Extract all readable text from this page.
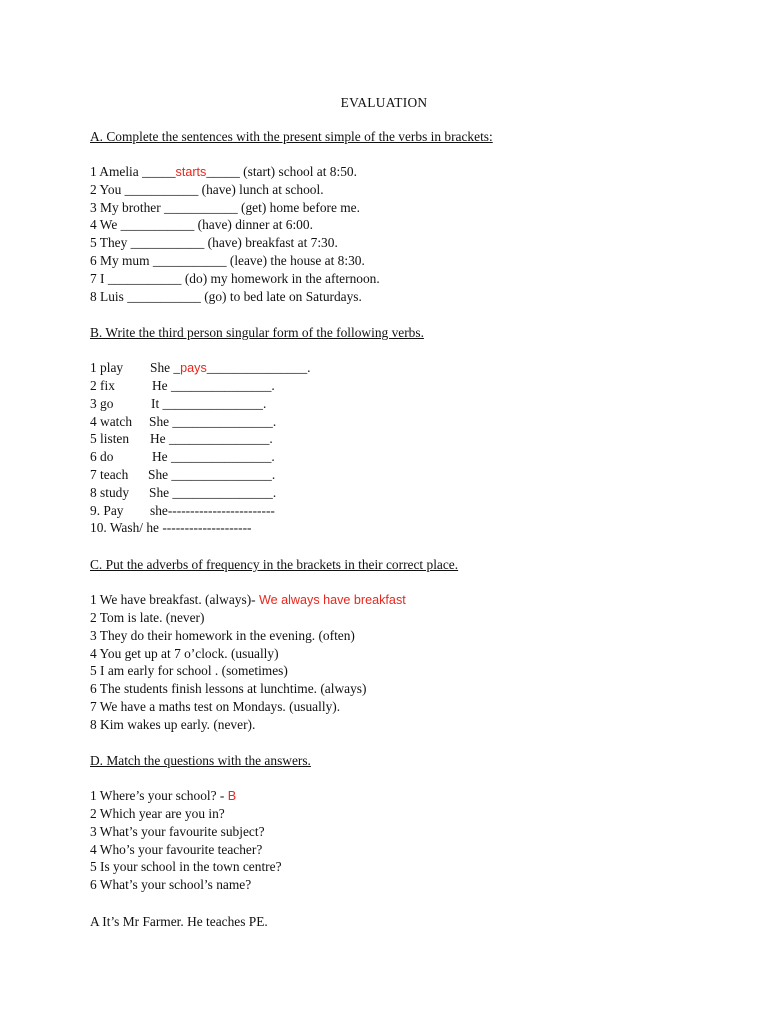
EVALUATION
A. Complete the sentences with the present simple of the verbs in brackets:
1 Amelia _____starts_____ (start) school at 8:50.
2 You ___________ (have) lunch at school.
3 My brother ___________ (get) home before me.
4 We ___________ (have) dinner at 6:00.
5 They ___________ (have) breakfast at 7:30.
6 My mum ___________ (leave) the house at 8:30.
7 I ___________ (do) my homework in the afternoon.
8 Luis ___________ (go) to bed late on Saturdays.
B. Write the third person singular form of the following verbs.
1 play She _pays_______________.
2 fix	He _______________.
3 go	It _______________.
4 watch She _______________.
5 listen He _______________.
6 do	He _______________.
7 teach She _______________.
8 study She _______________.
9. Pay she------------------------
10. Wash/ he --------------------
C. Put the adverbs of frequency in the brackets in their correct place.
1 We have breakfast. (always)- We always have breakfast
2 Tom is late. (never)
3 They do their homework in the evening. (often)
4 You get up at 7 o’clock. (usually)
5 I am early for school . (sometimes)
6 The students finish lessons at lunchtime. (always)
7 We have a maths test on Mondays. (usually).
8 Kim wakes up early. (never).
D. Match the questions with the answers.
1 Where’s your school? - B
2 Which year are you in?
3 What’s your favourite subject?
4 Who’s your favourite teacher?
5 Is your school in the town centre?
6 What’s your school’s name?
A It’s Mr Farmer. He teaches PE.
